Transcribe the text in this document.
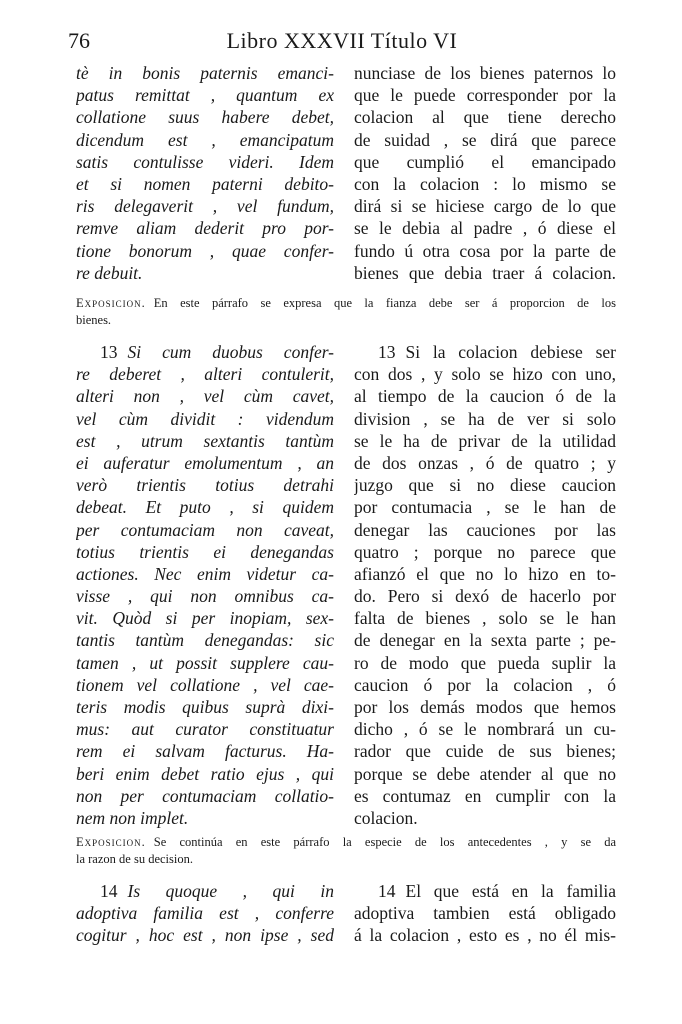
76	Libro XXXVII Título VI
tè in bonis paternis emanci-
patus remittat , quantum ex
collatione suus habere debet,
dicendum est , emancipatum
satis contulisse videri. Idem
et si nomen paterni debito-
ris delegaverit , vel fundum,
remve aliam dederit pro por-
tione bonorum , quae confer-
re debuit.
nunciase de los bienes paternos lo
que le puede corresponder por la
colacion al que tiene derecho
de suidad , se dirá que parece
que cumplió el emancipado
con la colacion : lo mismo se
dirá si se hiciese cargo de lo que
se le debia al padre , ó diese el
fundo ú otra cosa por la parte de
bienes que debia traer á colacion.
Exposicion. En este párrafo se expresa que la fianza debe ser á proporcion de los
bienes.
13 Si cum duobus confer-
re deberet , alteri contulerit,
alteri non , vel cùm cavet,
vel cùm dividit : videndum
est , utrum sextantis tantùm
ei auferatur emolumentum , an
verò trientis totius detrahi
debeat. Et puto , si quidem
per contumaciam non caveat,
totius trientis ei denegandas
actiones. Nec enim videtur ca-
visse , qui non omnibus ca-
vit. Quòd si per inopiam, sex-
tantis tantùm denegandas: sic
tamen , ut possit supplere cau-
tionem vel collatione , vel cae-
teris modis quibus suprà dixi-
mus: aut curator constituatur
rem ei salvam facturus. Ha-
beri enim debet ratio ejus , qui
non per contumaciam collatio-
nem non implet.
13 Si la colacion debiese ser
con dos , y solo se hizo con uno,
al tiempo de la caucion ó de la
division , se ha de ver si solo
se le ha de privar de la utilidad
de dos onzas , ó de quatro ; y
juzgo que si no diese caucion
por contumacia , se le han de
denegar las cauciones por las
quatro ; porque no parece que
afianzó el que no lo hizo en to-
do. Pero si dexó de hacerlo por
falta de bienes , solo se le han
de denegar en la sexta parte ; pe-
ro de modo que pueda suplir la
caucion ó por la colacion , ó
por los demás modos que hemos
dicho , ó se le nombrará un cu-
rador que cuide de sus bienes;
porque se debe atender al que no
es contumaz en cumplir con la
colacion.
Exposicion. Se continúa en este párrafo la especie de los antecedentes , y se da
la razon de su decision.
14 Is quoque , qui in
adoptiva familia est , conferre
cogitur , hoc est , non ipse , sed
14 El que está en la familia
adoptiva tambien está obligado
á la colacion , esto es , no él mis-
